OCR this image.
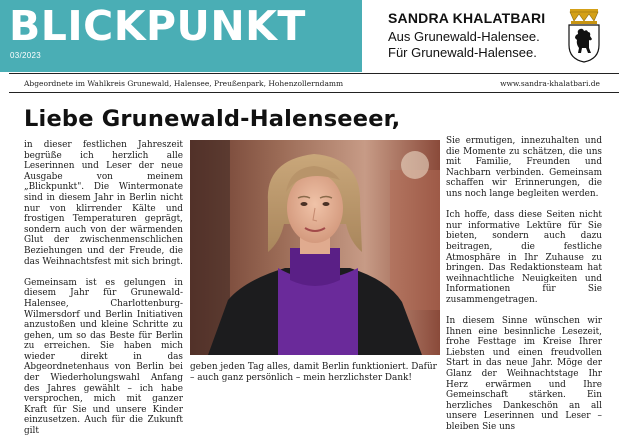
BLICKPUNKT
03/2023
SANDRA KHALATBARI
Aus Grunewald-Halensee.
Für Grunewald-Halensee.
Abgeordnete im Wahlkreis Grunewald, Halensee, Preußenpark, Hohenzollerndamm	www.sandra-khalatbari.de
Liebe Grunewald-Halenseeer,

in dieser festlichen Jahreszeit begrüße ich herzlich alle Leserinnen und Leser der neue Ausgabe von meinem „Blickpunkt". Die Wintermonate sind in diesem Jahr in Berlin nicht nur von klirrender Kälte und frostigen Temperaturen geprägt, sondern auch von der wärmenden Glut der zwischenmenschlichen Beziehungen und der Freude, die das Weihnachtsfest mit sich bringt.

Gemeinsam ist es gelungen in diesem Jahr für Grunewald-Halensee, Charlottenburg-Wilmersdorf und Berlin Initiativen anzustoßen und kleine Schritte zu gehen, um so das Beste für Berlin zu erreichen. Sie haben mich wieder direkt in das Abgeordnetenhaus von Berlin bei der Wiederholungswahl Anfang des Jahres gewählt – ich habe versprochen, mich mit ganzer Kraft für Sie und unsere Kinder einzusetzen. Auch für die Zukunft gilt

geben jeden Tag alles, damit Berlin funktioniert. Dafür – auch ganz persönlich – mein herzlichster Dank!

Sie ermutigen, innezuhalten und die Momente zu schätzen, die uns mit Familie, Freunden und Nachbarn verbinden. Gemeinsam schaffen wir Erinnerungen, die uns noch lange begleiten werden.

Ich hoffe, dass diese Seiten nicht nur informative Lektüre für Sie bieten, sondern auch dazu beitragen, die festliche Atmosphäre in Ihr Zuhause zu bringen. Das Redaktionsteam hat weihnachtliche Neuigkeiten und Informationen für Sie zusammengetragen.

In diesem Sinne wünschen wir Ihnen eine besinnliche Lesezeit, frohe Festtage im Kreise Ihrer Liebsten und einen freudvollen Start in das neue Jahr. Möge der Glanz der Weihnachtstage Ihr Herz erwärmen und Ihre Gemeinschaft stärken. Ein herzliches Dankeschön an all unsere Leserinnen und Leser – bleiben Sie uns
